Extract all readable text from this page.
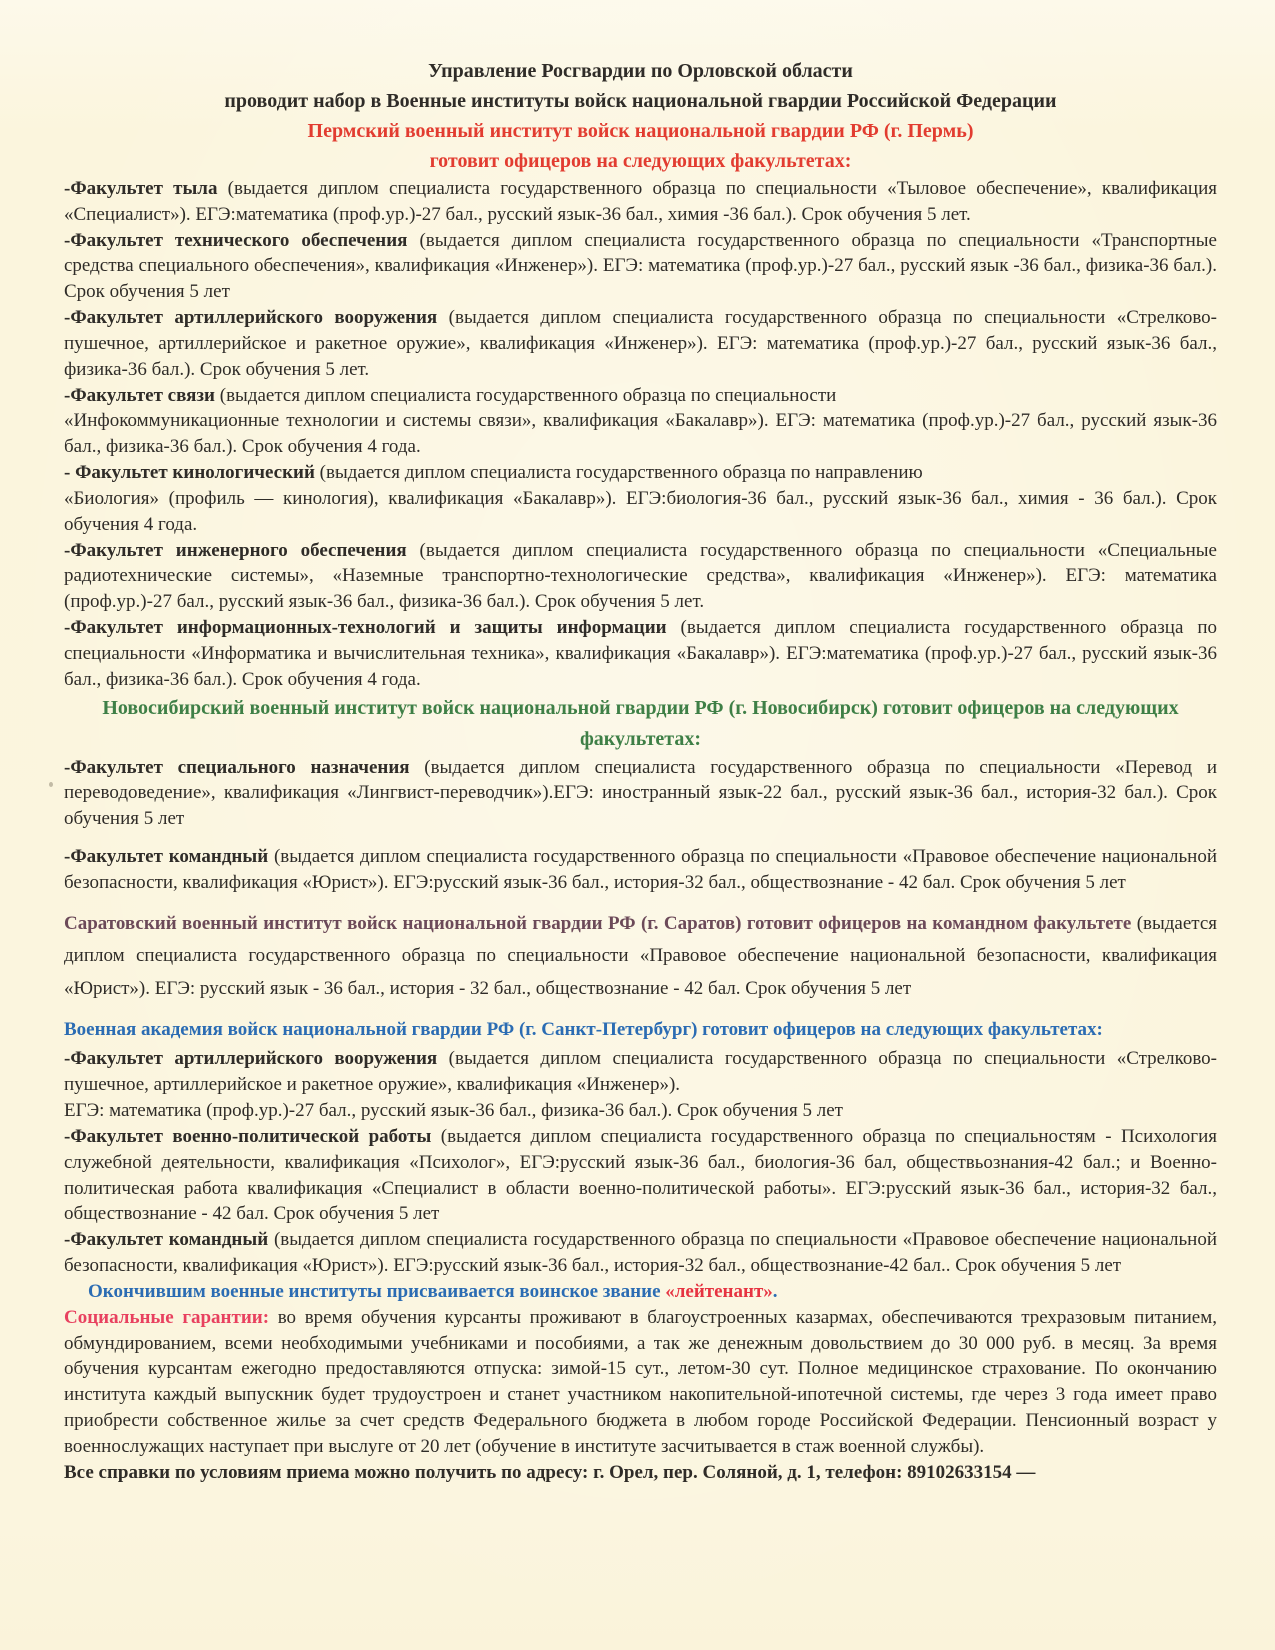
Управление Росгвардии по Орловской области
проводит набор в Военные институты войск национальной гвардии Российской Федерации
Пермский военный институт войск национальной гвардии РФ (г. Пермь)
готовит офицеров на следующих факультетах:

-Факультет тыла (выдается диплом специалиста государственного образца по специальности «Тыловое обеспечение», квалификация «Специалист»). ЕГЭ:математика (проф.ур.)-27 бал., русский язык-36 бал., химия -36 бал.). Срок обучения 5 лет.

-Факультет технического обеспечения (выдается диплом специалиста государственного образца по специальности «Транспортные средства специального обеспечения», квалификация «Инженер»). ЕГЭ: математика (проф.ур.)-27 бал., русский язык -36 бал., физика-36 бал.). Срок обучения 5 лет

-Факультет артиллерийского вооружения (выдается диплом специалиста государственного образца по специальности «Стрелково-пушечное, артиллерийское и ракетное оружие», квалификация «Инженер»). ЕГЭ: математика (проф.ур.)-27 бал., русский язык-36 бал., физика-36 бал.). Срок обучения 5 лет.

-Факультет связи (выдается диплом специалиста государственного образца по специальности
«Инфокоммуникационные технологии и системы связи», квалификация «Бакалавр»). ЕГЭ: математика (проф.ур.)-27 бал., русский язык-36 бал., физика-36 бал.). Срок обучения 4 года.

- Факультет кинологический (выдается диплом специалиста государственного образца по направлению
«Биология» (профиль — кинология), квалификация «Бакалавр»). ЕГЭ:биология-36 бал., русский язык-36 бал., химия - 36 бал.). Срок обучения 4 года.

-Факультет инженерного обеспечения (выдается диплом специалиста государственного образца по специальности «Специальные радиотехнические системы», «Наземные транспортно-технологические средства», квалификация «Инженер»). ЕГЭ: математика (проф.ур.)-27 бал., русский язык-36 бал., физика-36 бал.). Срок обучения 5 лет.

-Факультет информационных-технологий и защиты информации (выдается диплом специалиста государственного образца по специальности «Информатика и вычислительная техника», квалификация «Бакалавр»). ЕГЭ:математика (проф.ур.)-27 бал., русский язык-36 бал., физика-36 бал.). Срок обучения 4 года.

Новосибирский военный институт войск национальной гвардии РФ (г. Новосибирск) готовит офицеров на следующих факультетах:

-Факультет специального назначения (выдается диплом специалиста государственного образца по специальности «Перевод и переводоведение», квалификация «Лингвист-переводчик»).ЕГЭ: иностранный язык-22 бал., русский язык-36 бал., история-32 бал.). Срок обучения 5 лет

-Факультет командный (выдается диплом специалиста государственного образца по специальности «Правовое обеспечение национальной безопасности, квалификация «Юрист»). ЕГЭ:русский язык-36 бал., история-32 бал., обществознание - 42 бал. Срок обучения 5 лет

Саратовский военный институт войск национальной гвардии РФ (г. Саратов) готовит офицеров на командном факультете (выдается диплом специалиста государственного образца по специальности «Правовое обеспечение национальной безопасности, квалификация «Юрист»). ЕГЭ: русский язык - 36 бал., история - 32 бал., обществознание - 42 бал. Срок обучения 5 лет

Военная академия войск национальной гвардии РФ (г. Санкт-Петербург) готовит офицеров на следующих факультетах:

-Факультет артиллерийского вооружения (выдается диплом специалиста государственного образца по специальности «Стрелково-пушечное, артиллерийское и ракетное оружие», квалификация «Инженер»).
ЕГЭ: математика (проф.ур.)-27 бал., русский язык-36 бал., физика-36 бал.). Срок обучения 5 лет

-Факультет военно-политической работы (выдается диплом специалиста государственного образца по специальностям - Психология служебной деятельности, квалификация «Психолог», ЕГЭ:русский язык-36 бал., биология-36 бал, обществьознания-42 бал.; и Военно-политическая работа квалификация «Специалист в области военно-политической работы». ЕГЭ:русский язык-36 бал., история-32 бал., обществознание - 42 бал. Срок обучения 5 лет

-Факультет командный (выдается диплом специалиста государственного образца по специальности «Правовое обеспечение национальной безопасности, квалификация «Юрист»). ЕГЭ:русский язык-36 бал., история-32 бал., обществознание-42 бал.. Срок обучения 5 лет

Окончившим военные институты присваивается воинское звание «лейтенант».

Социальные гарантии: во время обучения курсанты проживают в благоустроенных казармах, обеспечиваются трехразовым питанием, обмундированием, всеми необходимыми учебниками и пособиями, а так же денежным довольствием до 30 000 руб. в месяц. За время обучения курсантам ежегодно предоставляются отпуска: зимой-15 сут., летом-30 сут. Полное медицинское страхование. По окончанию института каждый выпускник будет трудоустроен и станет участником накопительной-ипотечной системы, где через 3 года имеет право приобрести собственное жилье за счет средств Федерального бюджета в любом городе Российской Федерации. Пенсионный возраст у военнослужащих наступает при выслуге от 20 лет (обучение в институте засчитывается в стаж военной службы).

Все справки по условиям приема можно получить по адресу: г. Орел, пер. Соляной, д. 1, телефон: 89102633154 —
